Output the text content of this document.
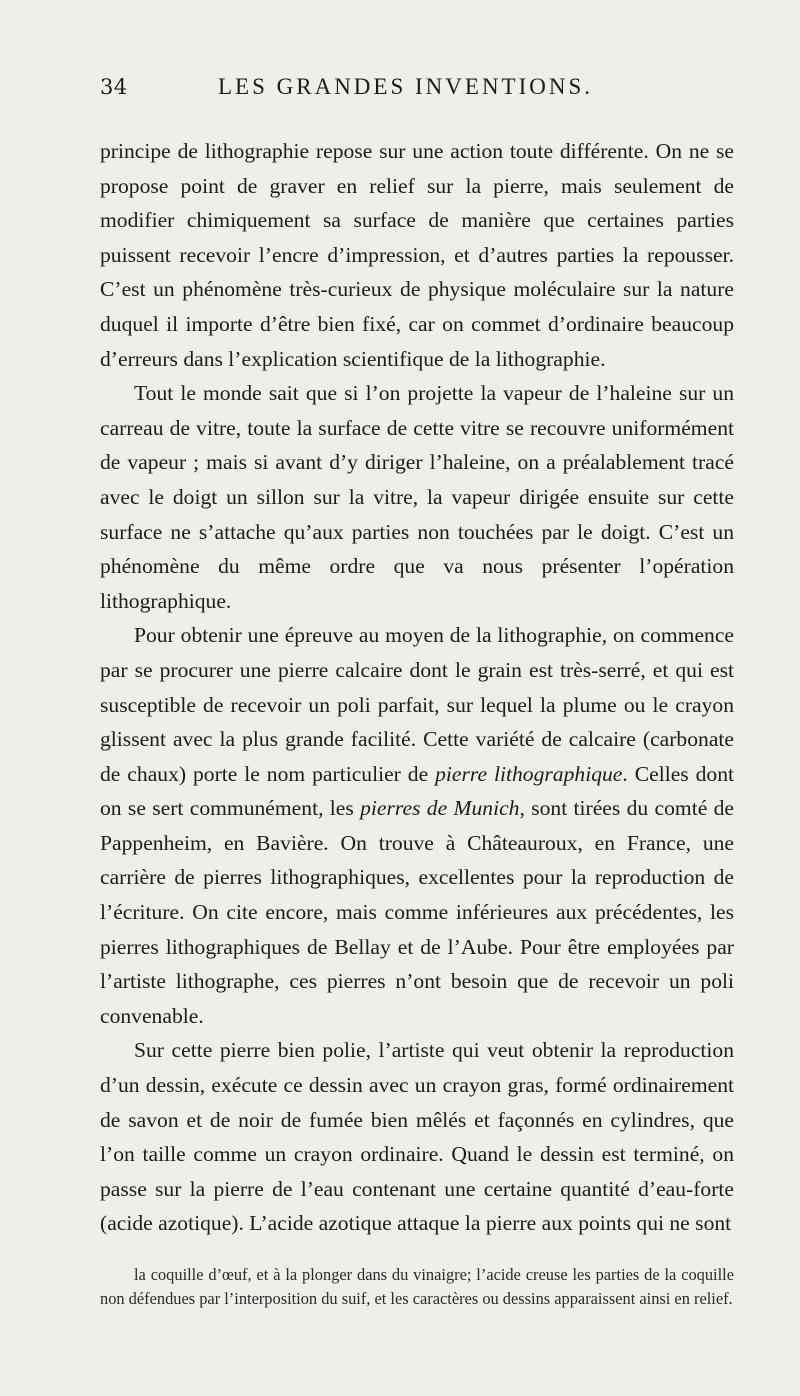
34	LES GRANDES INVENTIONS.

principe de lithographie repose sur une action toute différente. On ne se propose point de graver en relief sur la pierre, mais seulement de modifier chimiquement sa surface de manière que certaines parties puissent recevoir l’encre d’impression, et d’autres parties la repousser. C’est un phénomène très-curieux de physique moléculaire sur la nature duquel il importe d’être bien fixé, car on commet d’ordinaire beaucoup d’erreurs dans l’explication scientifique de la lithographie.

Tout le monde sait que si l’on projette la vapeur de l’haleine sur un carreau de vitre, toute la surface de cette vitre se recouvre uniformément de vapeur ; mais si avant d’y diriger l’haleine, on a préalablement tracé avec le doigt un sillon sur la vitre, la vapeur dirigée ensuite sur cette surface ne s’attache qu’aux parties non touchées par le doigt. C’est un phénomène du même ordre que va nous présenter l’opération lithographique.

Pour obtenir une épreuve au moyen de la lithographie, on commence par se procurer une pierre calcaire dont le grain est très-serré, et qui est susceptible de recevoir un poli parfait, sur lequel la plume ou le crayon glissent avec la plus grande facilité. Cette variété de calcaire (carbonate de chaux) porte le nom particulier de pierre lithographique. Celles dont on se sert communément, les pierres de Munich, sont tirées du comté de Pappenheim, en Bavière. On trouve à Châteauroux, en France, une carrière de pierres lithographiques, excellentes pour la reproduction de l’écriture. On cite encore, mais comme inférieures aux précédentes, les pierres lithographiques de Bellay et de l’Aube. Pour être employées par l’artiste lithographe, ces pierres n’ont besoin que de recevoir un poli convenable.

Sur cette pierre bien polie, l’artiste qui veut obtenir la reproduction d’un dessin, exécute ce dessin avec un crayon gras, formé ordinairement de savon et de noir de fumée bien mêlés et façonnés en cylindres, que l’on taille comme un crayon ordinaire. Quand le dessin est terminé, on passe sur la pierre de l’eau contenant une certaine quantité d’eau-forte (acide azotique). L’acide azotique attaque la pierre aux points qui ne sont

la coquille d’œuf, et à la plonger dans du vinaigre; l’acide creuse les parties de la coquille non défendues par l’interposition du suif, et les caractères ou dessins apparaissent ainsi en relief.
